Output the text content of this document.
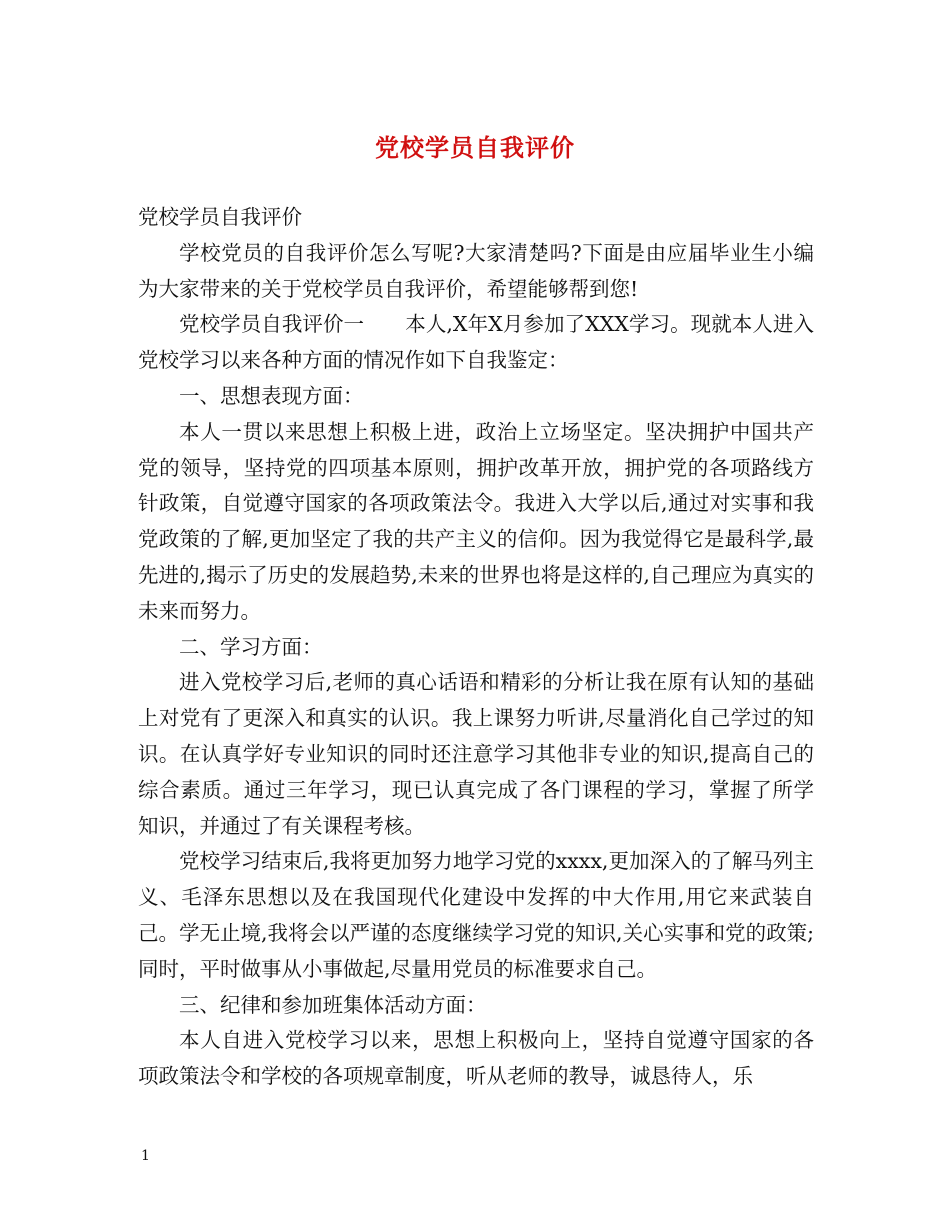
党校学员自我评价

党校学员自我评价

学校党员的自我评价怎么写呢?大家清楚吗?下面是由应届毕业生小编为大家带来的关于党校学员自我评价，希望能够帮到您!

党校学员自我评价一　　本人,X年X月参加了XXX学习。现就本人进入党校学习以来各种方面的情况作如下自我鉴定：

一、思想表现方面：

本人一贯以来思想上积极上进，政治上立场坚定。坚决拥护中国共产党的领导，坚持党的四项基本原则，拥护改革开放，拥护党的各项路线方针政策，自觉遵守国家的各项政策法令。我进入大学以后,通过对实事和我党政策的了解,更加坚定了我的共产主义的信仰。因为我觉得它是最科学,最先进的,揭示了历史的发展趋势,未来的世界也将是这样的,自己理应为真实的未来而努力。

二、学习方面：

进入党校学习后,老师的真心话语和精彩的分析让我在原有认知的基础上对党有了更深入和真实的认识。我上课努力听讲,尽量消化自己学过的知识。在认真学好专业知识的同时还注意学习其他非专业的知识,提高自己的综合素质。通过三年学习，现已认真完成了各门课程的学习，掌握了所学知识，并通过了有关课程考核。

党校学习结束后,我将更加努力地学习党的xxxx,更加深入的了解马列主义、毛泽东思想以及在我国现代化建设中发挥的中大作用,用它来武装自己。学无止境,我将会以严谨的态度继续学习党的知识,关心实事和党的政策;同时，平时做事从小事做起,尽量用党员的标准要求自己。

三、纪律和参加班集体活动方面：

本人自进入党校学习以来，思想上积极向上，坚持自觉遵守国家的各项政策法令和学校的各项规章制度，听从老师的教导，诚恳待人，乐

1
